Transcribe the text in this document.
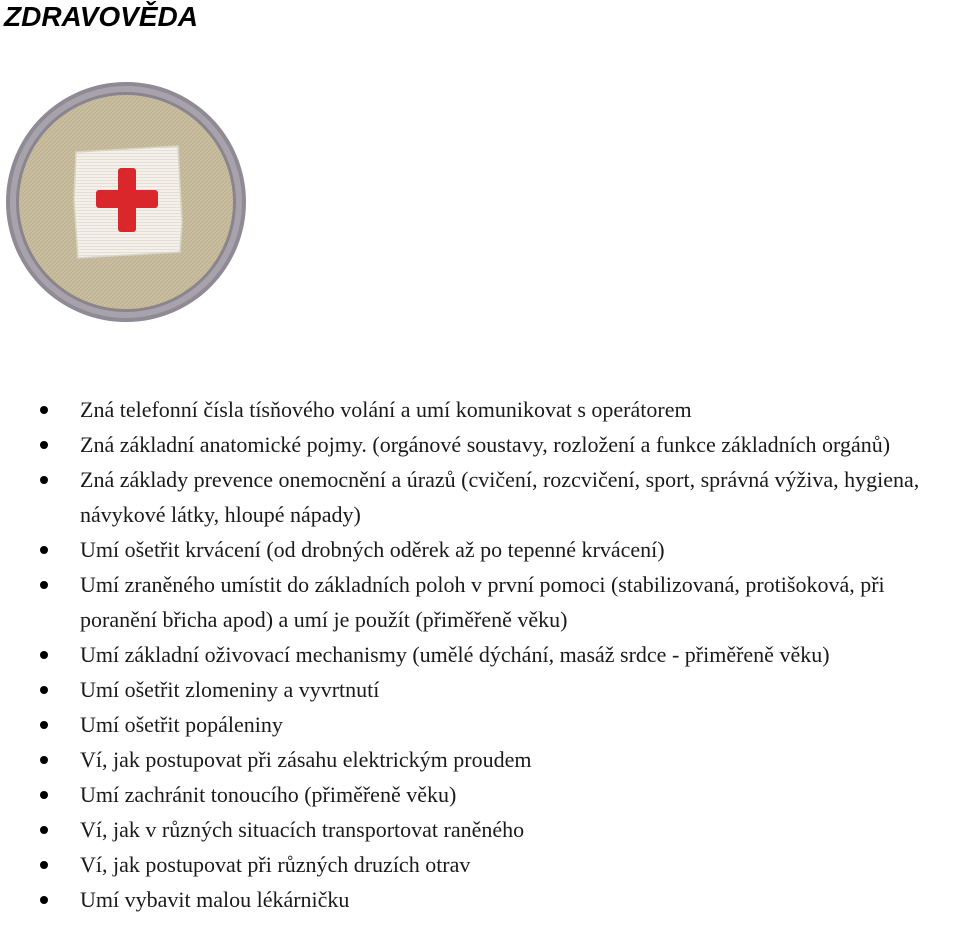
ZDRAVOVĚDA
Zná telefonní čísla tísňového volání a umí komunikovat s operátorem
Zná základní anatomické pojmy. (orgánové soustavy, rozložení a funkce základních orgánů)
Zná základy prevence onemocnění a úrazů (cvičení, rozcvičení, sport, správná výživa, hygiena, návykové látky, hloupé nápady)
Umí ošetřit krvácení (od drobných oděrek až po tepenné krvácení)
Umí zraněného umístit do základních poloh v první pomoci (stabilizovaná, protišoková, při poranění břicha apod) a umí je použít (přiměřeně věku)
Umí základní oživovací mechanismy (umělé dýchání, masáž srdce - přiměřeně věku)
Umí ošetřit zlomeniny a vyvrtnutí
Umí ošetřit popáleniny
Ví, jak postupovat při zásahu elektrickým proudem
Umí zachránit tonoucího (přiměřeně věku)
Ví, jak v různých situacích transportovat raněného
Ví, jak postupovat při různých druzích otrav
Umí vybavit malou lékárničku
